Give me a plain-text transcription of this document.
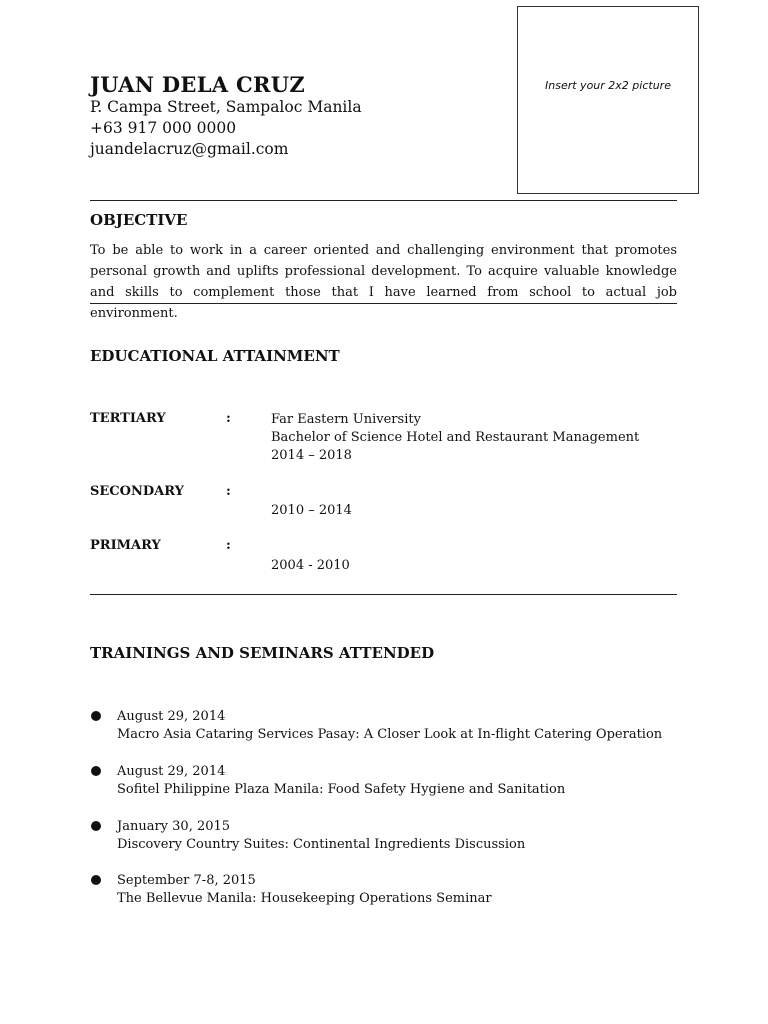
JUAN DELA CRUZ
P. Campa Street, Sampaloc Manila
+63 917 000 0000
juandelacruz@gmail.com
Insert your 2x2 picture
OBJECTIVE
To be able to work in a career oriented and challenging environment that promotes personal growth and uplifts professional development. To acquire valuable knowledge and skills to complement those that I have learned from school to actual job environment.
EDUCATIONAL ATTAINMENT
TERTIARY	:	Far Eastern University
Bachelor of Science Hotel and Restaurant Management
2014 – 2018
SECONDARY	:
2010 – 2014
PRIMARY	:
2004 - 2010
TRAININGS AND SEMINARS ATTENDED
August 29, 2014
Macro Asia Cataring Services Pasay: A Closer Look at In-flight Catering Operation
August 29, 2014
Sofitel Philippine Plaza Manila: Food Safety Hygiene and Sanitation
January 30, 2015
Discovery Country Suites: Continental Ingredients Discussion
September 7-8, 2015
The Bellevue Manila: Housekeeping Operations Seminar
